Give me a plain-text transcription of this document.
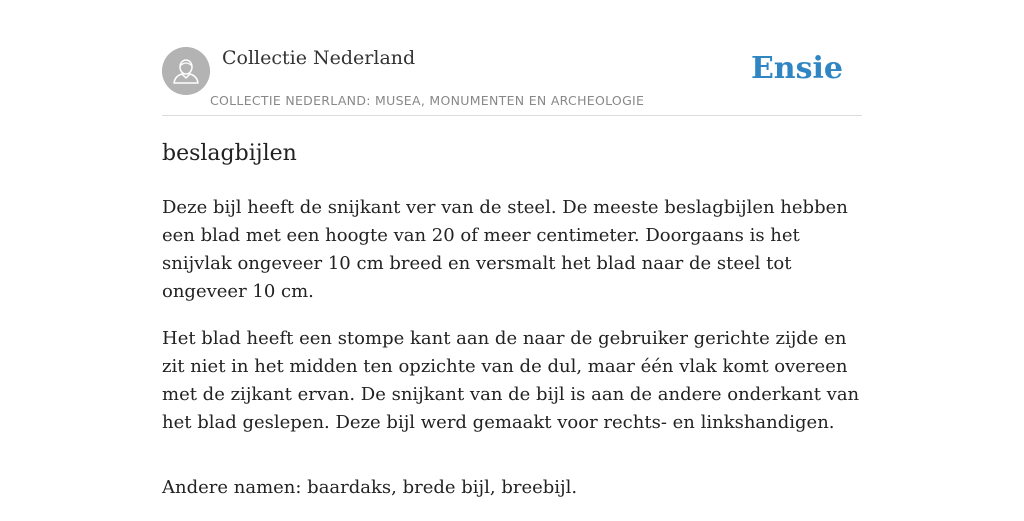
Collectie Nederland
COLLECTIE NEDERLAND: MUSEA, MONUMENTEN EN ARCHEOLOGIE
Ensie
beslagbijlen

Deze bijl heeft de snijkant ver van de steel. De meeste beslagbijlen hebben een blad met een hoogte van 20 of meer centimeter. Doorgaans is het snijvlak ongeveer 10 cm breed en versmalt het blad naar de steel tot ongeveer 10 cm.

Het blad heeft een stompe kant aan de naar de gebruiker gerichte zijde en zit niet in het midden ten opzichte van de dul, maar één vlak komt overeen met de zijkant ervan. De snijkant van de bijl is aan de andere onderkant van het blad geslepen. Deze bijl werd gemaakt voor rechts- en linkshandigen.

Andere namen: baardaks, brede bijl, breebijl.
